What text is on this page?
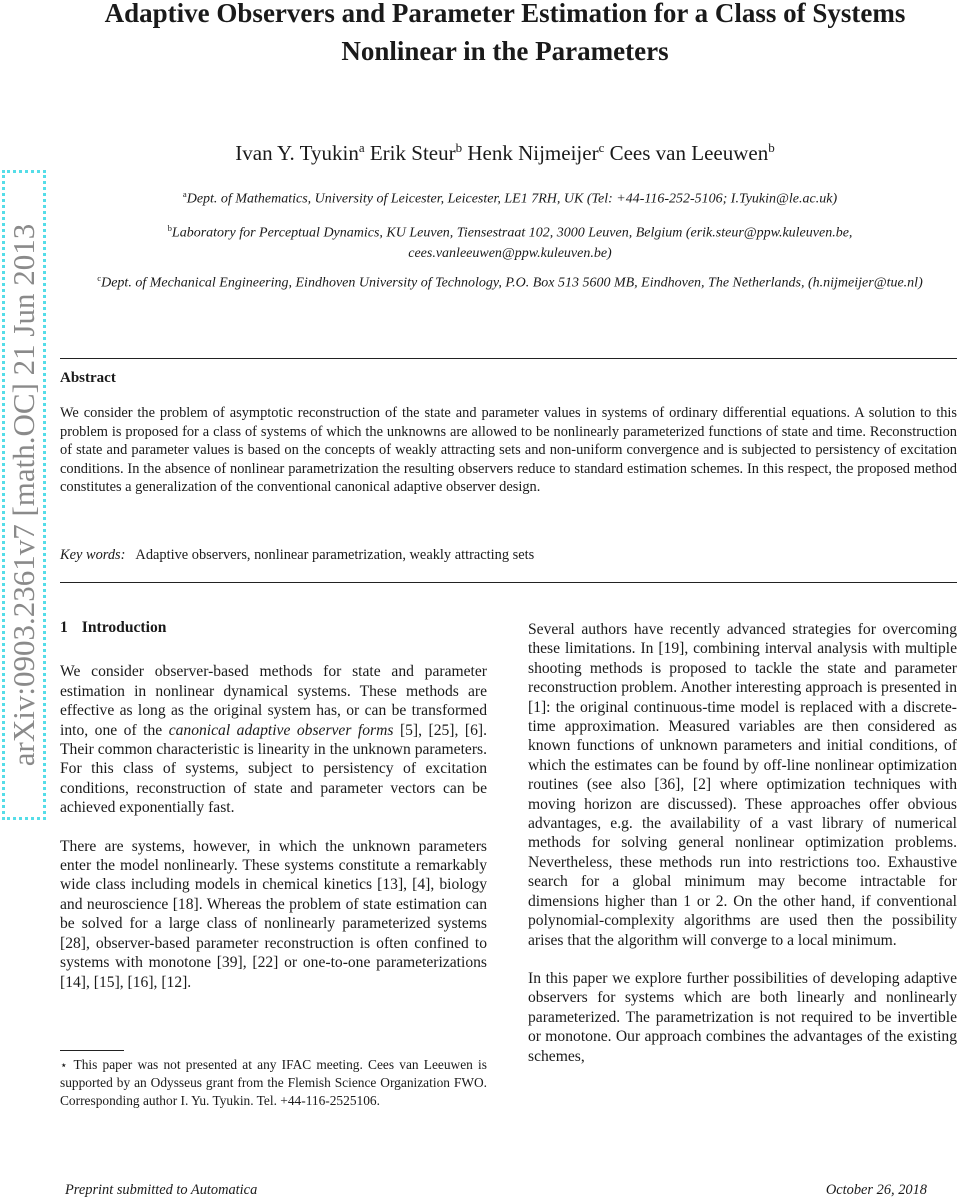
Adaptive Observers and Parameter Estimation for a Class of Systems Nonlinear in the Parameters
Ivan Y. Tyukin$^a$ Erik Steur$^b$ Henk Nijmeijer$^c$ Cees van Leeuwen$^b$
$^a$Dept. of Mathematics, University of Leicester, Leicester, LE1 7RH, UK (Tel: +44-116-252-5106; I.Tyukin@le.ac.uk)
$^b$Laboratory for Perceptual Dynamics, KU Leuven, Tiensestraat 102, 3000 Leuven, Belgium (erik.steur@ppw.kuleuven.be, cees.vanleeuwen@ppw.kuleuven.be)
$^c$Dept. of Mechanical Engineering, Eindhoven University of Technology, P.O. Box 513 5600 MB, Eindhoven, The Netherlands, (h.nijmeijer@tue.nl)
arXiv:0903.2361v7 [math.OC] 21 Jun 2013 Abstract

We consider the problem of asymptotic reconstruction of the state and parameter values in systems of ordinary differential equations. A solution to this problem is proposed for a class of systems of which the unknowns are allowed to be nonlinearly parameterized functions of state and time. Reconstruction of state and parameter values is based on the concepts of weakly attracting sets and non-uniform convergence and is subjected to persistency of excitation conditions. In the absence of nonlinear parametrization the resulting observers reduce to standard estimation schemes. In this respect, the proposed method constitutes a generalization of the conventional canonical adaptive observer design.

Key words: Adaptive observers, nonlinear parametrization, weakly attracting sets
1 Introduction

We consider observer-based methods for state and parameter estimation in nonlinear dynamical systems. These methods are effective as long as the original system has, or can be transformed into, one of the canonical adaptive observer forms [5], [25], [6]. Their common characteristic is linearity in the unknown parameters. For this class of systems, subject to persistency of excitation conditions, reconstruction of state and parameter vectors can be achieved exponentially fast.

There are systems, however, in which the unknown parameters enter the model nonlinearly. These systems constitute a remarkably wide class including models in chemical kinetics [13], [4], biology and neuroscience [18]. Whereas the problem of state estimation can be solved for a large class of nonlinearly parameterized systems [28], observer-based parameter reconstruction is often confined to systems with monotone [39], [22] or one-to-one parameterizations [14], [15], [16], [12].

⋆ This paper was not presented at any IFAC meeting. Cees van Leeuwen is supported by an Odysseus grant from the Flemish Science Organization FWO. Corresponding author I. Yu. Tyukin. Tel. +44-116-2525106.

Several authors have recently advanced strategies for overcoming these limitations. In [19], combining interval analysis with multiple shooting methods is proposed to tackle the state and parameter reconstruction problem. Another interesting approach is presented in [1]: the original continuous-time model is replaced with a discrete-time approximation. Measured variables are then considered as known functions of unknown parameters and initial conditions, of which the estimates can be found by off-line nonlinear optimization routines (see also [36], [2] where optimization techniques with moving horizon are discussed). These approaches offer obvious advantages, e.g. the availability of a vast library of numerical methods for solving general nonlinear optimization problems. Nevertheless, these methods run into restrictions too. Exhaustive search for a global minimum may become intractable for dimensions higher than 1 or 2. On the other hand, if conventional polynomial-complexity algorithms are used then the possibility arises that the algorithm will converge to a local minimum.

In this paper we explore further possibilities of developing adaptive observers for systems which are both linearly and nonlinearly parameterized. The parametrization is not required to be invertible or monotone. Our approach combines the advantages of the existing schemes,

Preprint submitted to Automatica	October 26, 2018
